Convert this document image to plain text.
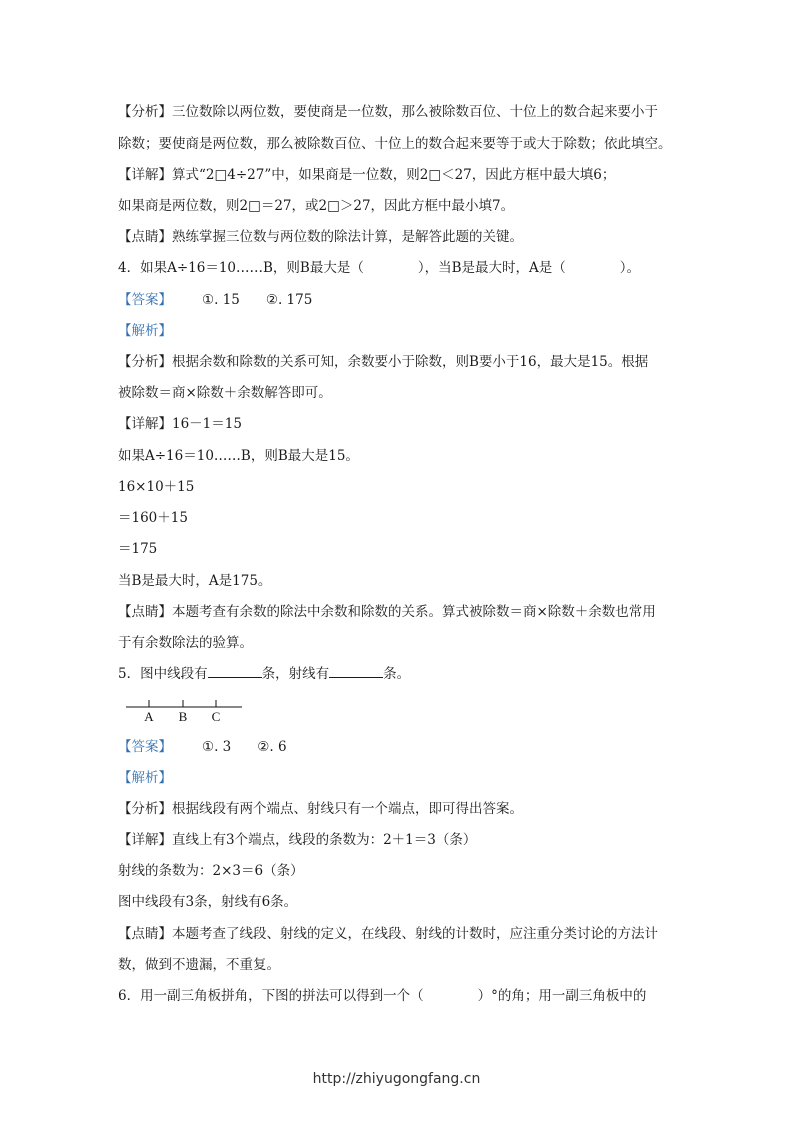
【分析】三位数除以两位数，要使商是一位数，那么被除数百位、十位上的数合起来要小于
除数；要使商是两位数，那么被除数百位、十位上的数合起来要等于或大于除数；依此填空。
【详解】算式“2□4÷27”中，如果商是一位数，则2□＜27，因此方框中最大填6；
如果商是两位数，则2□＝27，或2□＞27，因此方框中最小填7。
【点睛】熟练掌握三位数与两位数的除法计算，是解答此题的关键。
4．如果A÷16＝10……B，则B最大是（　　　　），当B是最大时，A是（　　　　）。
【答案】 ①. 15 ②. 175
【解析】
【分析】根据余数和除数的关系可知，余数要小于除数，则B要小于16，最大是15。根据
被除数＝商×除数＋余数解答即可。
【详解】16－1＝15
如果A÷16＝10……B，则B最大是15。
16×10＋15
＝160＋15
＝175
当B是最大时，A是175。
【点睛】本题考查有余数的除法中余数和除数的关系。算式被除数＝商×除数＋余数也常用
于有余数除法的验算。
5．图中线段有	条，射线有	条。
A B C
【答案】 ①. 3 ②. 6
【解析】
【分析】根据线段有两个端点、射线只有一个端点，即可得出答案。
【详解】直线上有3个端点，线段的条数为：2＋1＝3（条）
射线的条数为：2×3＝6（条）
图中线段有3条，射线有6条。
【点睛】本题考查了线段、射线的定义，在线段、射线的计数时，应注重分类讨论的方法计
数，做到不遗漏，不重复。
6．用一副三角板拼角，下图的拼法可以得到一个（　　　　）°的角；用一副三角板中的
http://zhiyugongfang.cn
